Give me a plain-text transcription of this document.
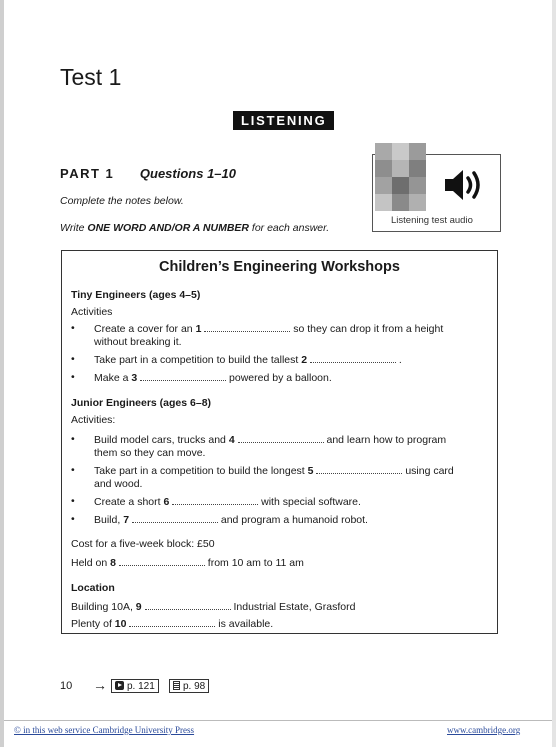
Test 1
LISTENING
PART 1 Questions 1–10
Complete the notes below.
Write ONE WORD AND/OR A NUMBER for each answer.
Listening test audio
Children’s Engineering Workshops
Tiny Engineers (ages 4–5)
Activities
• Create a cover for an 1	so they can drop it from a height
without breaking it.
• Take part in a competition to build the tallest 2	.
• Make a 3	powered by a balloon.
Junior Engineers (ages 6–8)
Activities:
• Build model cars, trucks and 4	and learn how to program
them so they can move.
• Take part in a competition to build the longest 5	using card
and wood.
• Create a short 6	with special software.
• Build, 7	and program a humanoid robot.
Cost for a five-week block: £50
Held on 8	from 10 am to 11 am
Location
Building 10A, 9	Industrial Estate, Grasford
Plenty of 10	is available.
10 →	p. 121	p. 98
© in this web service Cambridge University Press	www.cambridge.org
